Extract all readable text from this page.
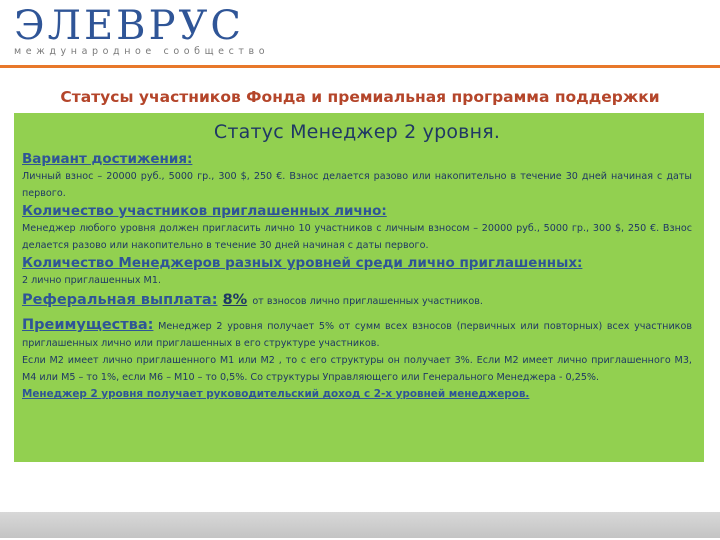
ЭЛЕВРУС
международное сообщество
Статусы участников Фонда и премиальная программа поддержки
Статус Менеджер 2 уровня.
Вариант достижения:
Личный взнос – 20000 руб., 5000 гр., 300 $, 250 €. Взнос делается разово или накопительно в течение 30 дней начиная с даты первого.
Количество участников приглашенных лично:
Менеджер любого уровня должен пригласить лично 10 участников с личным взносом – 20000 руб., 5000 гр., 300 $, 250 €. Взнос делается разово или накопительно в течение 30 дней начиная с даты первого.
Количество Менеджеров разных уровней среди лично приглашенных:
2 лично приглашенных М1.
Реферальная выплата: 8% от взносов лично приглашенных участников.
Преимущества: Менеджер 2 уровня получает 5% от сумм всех взносов (первичных или повторных) всех участников приглашенных лично или приглашенных в его структуре участников.
Если М2 имеет лично приглашенного М1 или М2 , то с его структуры он получает 3%. Если М2 имеет лично приглашенного М3, М4 или М5 – то 1%, если М6 – М10 – то 0,5%. Со структуры Управляющего или Генерального Менеджера - 0,25%.
Менеджер 2 уровня получает руководительский доход с 2-х уровней менеджеров.
